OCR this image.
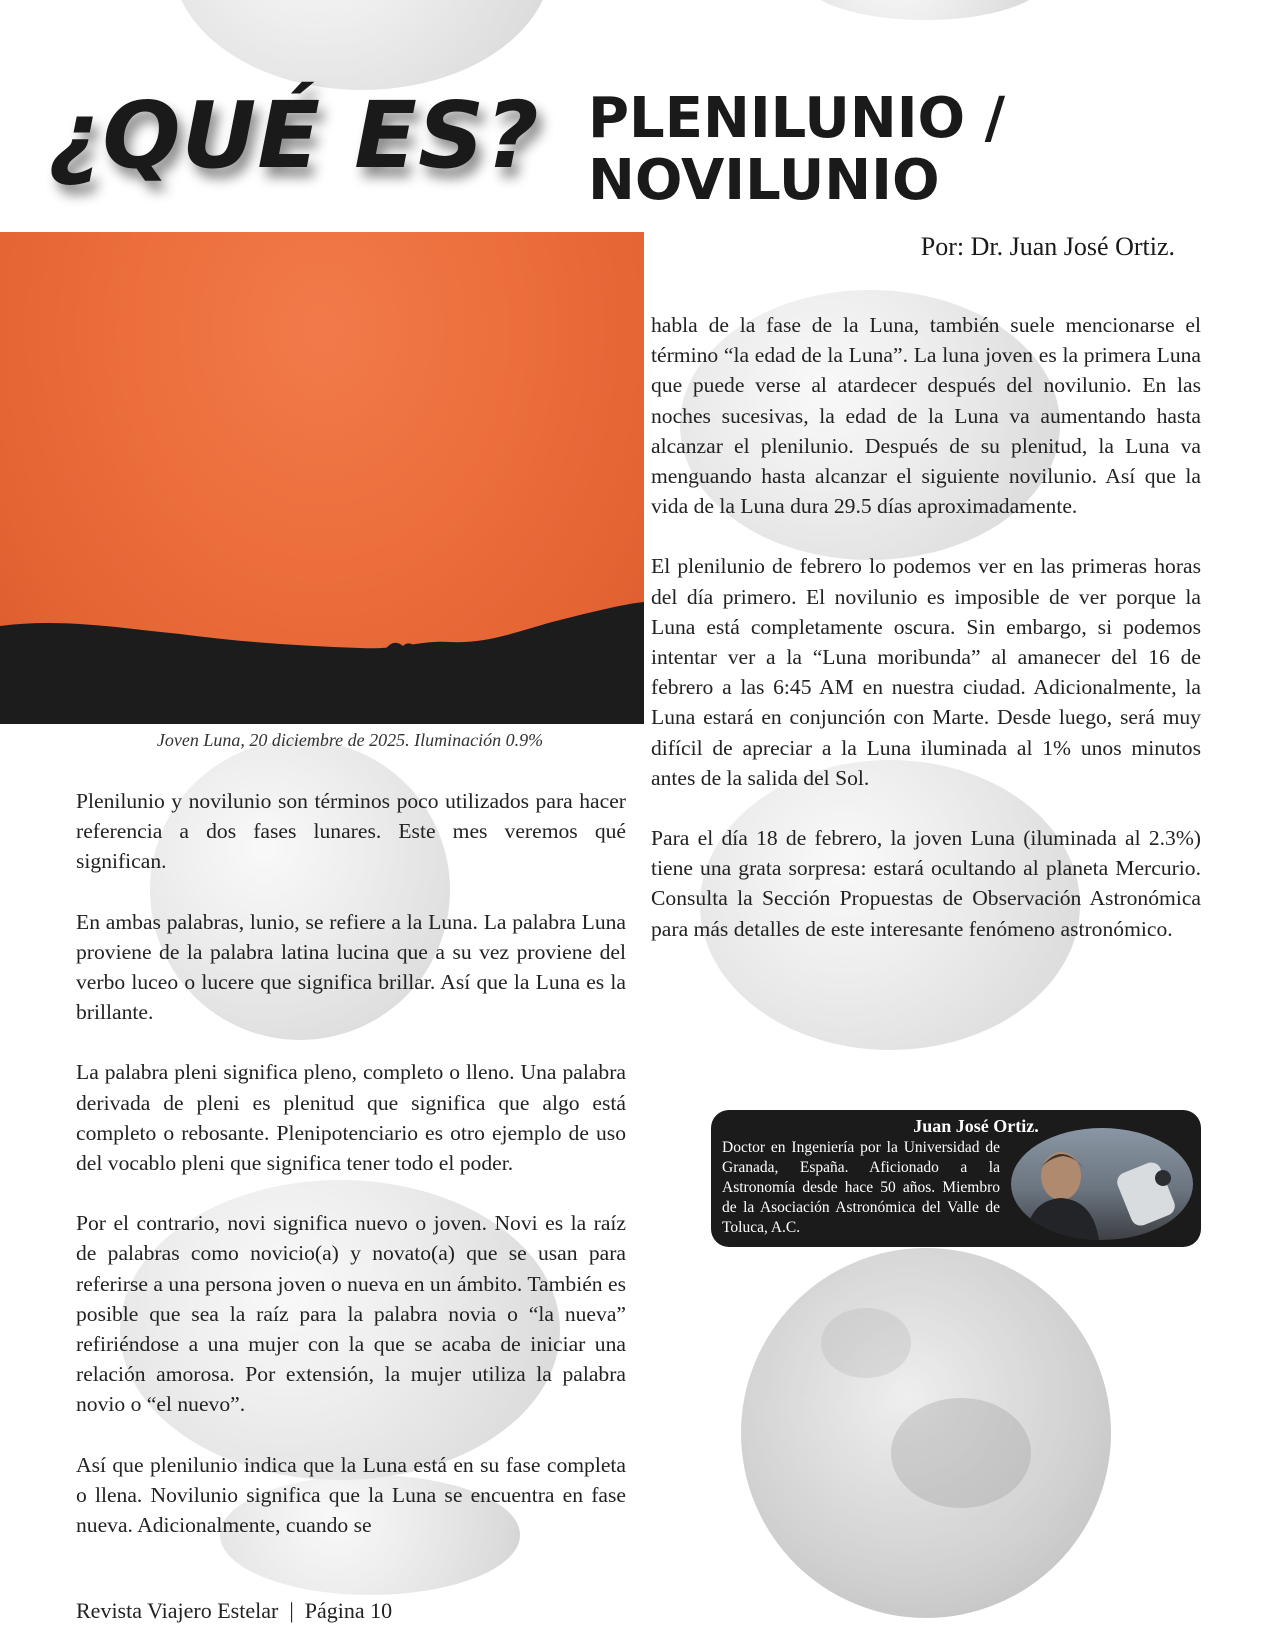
¿QUÉ ES? PLENILUNIO /
NOVILUNIO
Por: Dr. Juan José Ortiz.
Joven Luna, 20 diciembre de 2025. Iluminación 0.9%

Plenilunio y novilunio son términos poco utilizados para hacer referencia a dos fases lunares. Este mes veremos qué significan.

En ambas palabras, lunio, se refiere a la Luna. La palabra Luna proviene de la palabra latina lucina que a su vez proviene del verbo luceo o lucere que significa brillar. Así que la Luna es la brillante.

La palabra pleni significa pleno, completo o lleno. Una palabra derivada de pleni es plenitud que significa que algo está completo o rebosante. Plenipotenciario es otro ejemplo de uso del vocablo pleni que significa tener todo el poder.

Por el contrario, novi significa nuevo o joven. Novi es la raíz de palabras como novicio(a) y novato(a) que se usan para referirse a una persona joven o nueva en un ámbito. También es posible que sea la raíz para la palabra novia o “la nueva” refiriéndose a una mujer con la que se acaba de iniciar una relación amorosa. Por extensión, la mujer utiliza la palabra novio o “el nuevo”.

Así que plenilunio indica que la Luna está en su fase completa o llena. Novilunio significa que la Luna se encuentra en fase nueva. Adicionalmente, cuando se

habla de la fase de la Luna, también suele mencionarse el término “la edad de la Luna”. La luna joven es la primera Luna que puede verse al atardecer después del novilunio. En las noches sucesivas, la edad de la Luna va aumentando hasta alcanzar el plenilunio. Después de su plenitud, la Luna va menguando hasta alcanzar el siguiente novilunio. Así que la vida de la Luna dura 29.5 días aproximadamente.

El plenilunio de febrero lo podemos ver en las primeras horas del día primero. El novilunio es imposible de ver porque la Luna está completamente oscura. Sin embargo, si podemos intentar ver a la “Luna moribunda” al amanecer del 16 de febrero a las 6:45 AM en nuestra ciudad. Adicionalmente, la Luna estará en conjunción con Marte. Desde luego, será muy difícil de apreciar a la Luna iluminada al 1% unos minutos antes de la salida del Sol.

Para el día 18 de febrero, la joven Luna (iluminada al 2.3%) tiene una grata sorpresa: estará ocultando al planeta Mercurio. Consulta la Sección Propuestas de Observación Astronómica para más detalles de este interesante fenómeno astronómico.

Juan José Ortiz.
Doctor en Ingeniería por la Universidad de Granada, España. Aficionado a la Astronomía desde hace 50 años. Miembro de la Asociación Astronómica del Valle de Toluca, A.C.
Revista Viajero Estelar  |  Página 10
